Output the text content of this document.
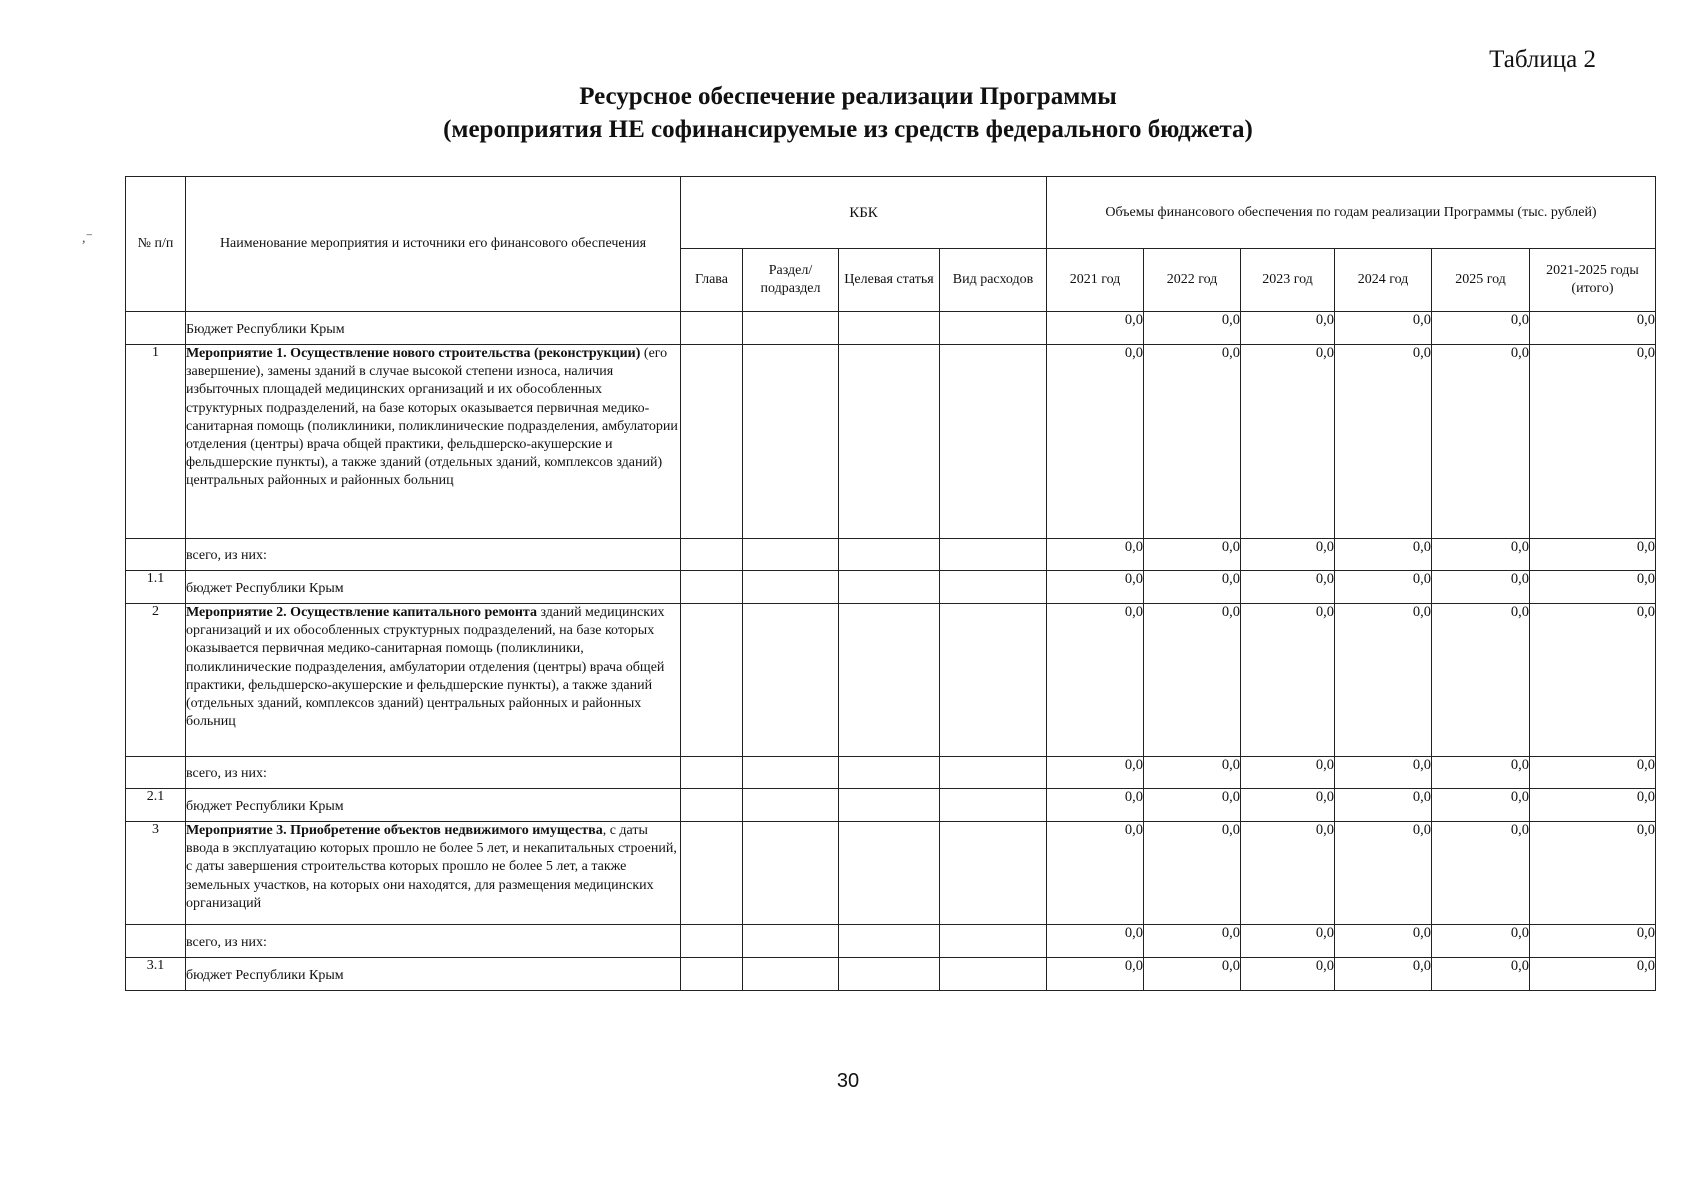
Таблица 2
Ресурсное обеспечение реализации Программы
(мероприятия НЕ софинансируемые из средств федерального бюджета)
№ п/п	Наименование мероприятия и источники его финансового обеспечения	КБК				Объемы финансового обеспечения по годам реализации Программы (тыс. рублей)					
		Глава	Раздел/ подраздел	Целевая статья	Вид расходов	2021 год	2022 год	2023 год	2024 год	2025 год	2021-2025 годы (итого)
	Бюджет Республики Крым					0,0	0,0	0,0	0,0	0,0	0,0
1	Мероприятие 1. Осуществление нового строительства (реконструкции) (его завершение), замены зданий в случае высокой степени износа, наличия избыточных площадей медицинских организаций и их обособленных структурных подразделений, на базе которых оказывается первичная медико-санитарная помощь (поликлиники, поликлинические подразделения, амбулатории отделения (центры) врача общей практики, фельдшерско-акушерские и фельдшерские пункты), а также зданий (отдельных зданий, комплексов зданий) центральных районных и районных больниц					0,0	0,0	0,0	0,0	0,0	0,0
	всего, из них:					0,0	0,0	0,0	0,0	0,0	0,0
1.1	бюджет Республики Крым					0,0	0,0	0,0	0,0	0,0	0,0
2	Мероприятие 2. Осуществление капитального ремонта зданий медицинских организаций и их обособленных структурных подразделений, на базе которых оказывается первичная медико-санитарная помощь (поликлиники, поликлинические подразделения, амбулатории отделения (центры) врача общей практики, фельдшерско-акушерские и фельдшерские пункты), а также зданий (отдельных зданий, комплексов зданий) центральных районных и районных больниц					0,0	0,0	0,0	0,0	0,0	0,0
	всего, из них:					0,0	0,0	0,0	0,0	0,0	0,0
2.1	бюджет Республики Крым					0,0	0,0	0,0	0,0	0,0	0,0
3	Мероприятие 3. Приобретение объектов недвижимого имущества, с даты ввода в эксплуатацию которых прошло не более 5 лет, и некапитальных строений, с даты завершения строительства которых прошло не более 5 лет, а также земельных участков, на которых они находятся, для размещения медицинских организаций					0,0	0,0	0,0	0,0	0,0	0,0
	всего, из них:					0,0	0,0	0,0	0,0	0,0	0,0
3.1	бюджет Республики Крым					0,0	0,0	0,0	0,0	0,0	0,0
30
,⁻
